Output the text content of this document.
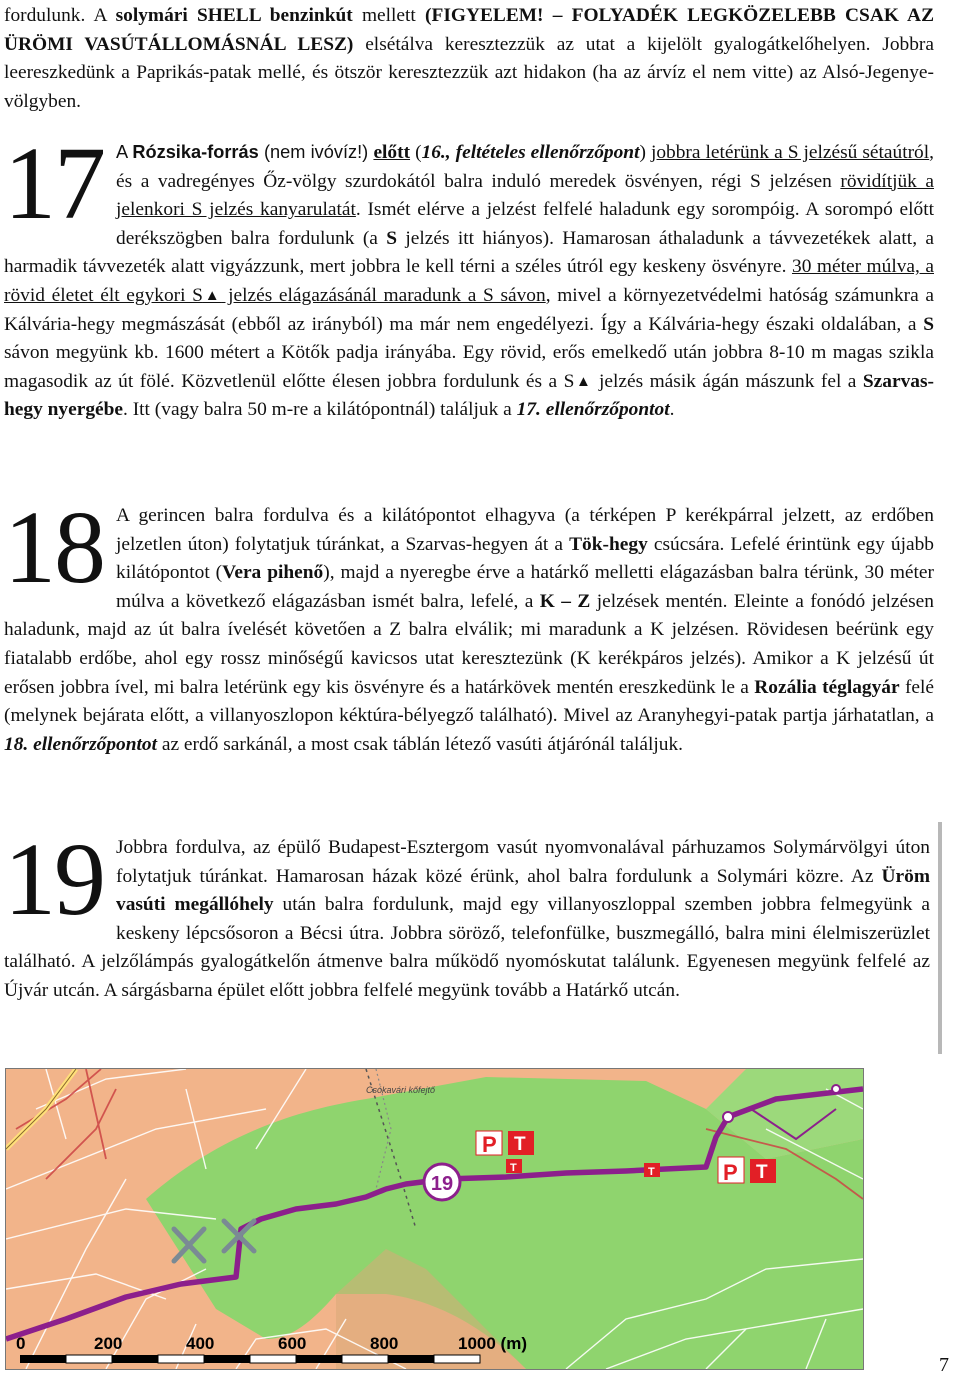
fordulunk. A solymári SHELL benzinkút mellett (FIGYELEM! – FOLYADÉK LEGKÖZELEBB CSAK AZ ÜRÖMI VASÚTÁLLOMÁSNÁL LESZ) elsétálva keresztezzük az utat a kijelölt gyalogátkelőhelyen. Jobbra leereszkedünk a Paprikás-patak mellé, és ötször keresztezzük azt hidakon (ha az árvíz el nem vitte) az Alsó-Jegenye-völgyben.

17 A Rózsika-forrás (nem ivóvíz!) előtt (16., feltételes ellenőrzőpont) jobbra letérünk a S jelzésű sétaútról, és a vadregényes Őz-völgy szurdokától balra induló meredek ösvényen, régi S jelzésen rövidítjük a jelenkori S jelzés kanyarulatát. Ismét elérve a jelzést felfelé haladunk egy sorompóig. A sorompó előtt derékszögben balra fordulunk (a S jelzés itt hiányos). Hamarosan áthaladunk a távvezetékek alatt, a harmadik távvezeték alatt vigyázzunk, mert jobbra le kell térni a széles útról egy keskeny ösvényre. 30 méter múlva, a rövid életet élt egykori S▲ jelzés elágazásánál maradunk a S sávon, mivel a környezetvédelmi hatóság számunkra a Kálvária-hegy megmászását (ebből az irányból) ma már nem engedélyezi. Így a Kálvária-hegy északi oldalában, a S sávon megyünk kb. 1600 métert a Kötők padja irányába. Egy rövid, erős emelkedő után jobbra 8-10 m magas szikla magasodik az út fölé. Közvetlenül előtte élesen jobbra fordulunk és a S▲ jelzés másik ágán mászunk fel a Szarvas-hegy nyergébe. Itt (vagy balra 50 m-re a kilátópontnál) találjuk a 17. ellenőrzőpontot.

18 A gerincen balra fordulva és a kilátópontot elhagyva (a térképen P kerékpárral jelzett, az erdőben jelzetlen úton) folytatjuk túránkat, a Szarvas-hegyen át a Tök-hegy csúcsára. Lefelé érintünk egy újabb kilátópontot (Vera pihenő), majd a nyeregbe érve a határkő melletti elágazásban balra térünk, 30 méter múlva a következő elágazásban ismét balra, lefelé, a K – Z jelzések mentén. Eleinte a fonódó jelzésen haladunk, majd az út balra ívelését követően a Z balra elválik; mi maradunk a K jelzésen. Rövidesen beérünk egy fiatalabb erdőbe, ahol egy rossz minőségű kavicsos utat keresztezünk (K kerékpáros jelzés). Amikor a K jelzésű út erősen jobbra ível, mi balra letérünk egy kis ösvényre és a határkövek mentén ereszkedünk le a Rozália téglagyár felé (melynek bejárata előtt, a villanyoszlopon kéktúra-bélyegző található). Mivel az Aranyhegyi-patak partja járhatatlan, a 18. ellenőrzőpontot az erdő sarkánál, a most csak táblán létező vasúti átjárónál találjuk.

19 Jobbra fordulva, az épülő Budapest-Esztergom vasút nyomvonalával párhuzamos Solymárvölgyi úton folytatjuk túránkat. Hamarosan házak közé érünk, ahol balra fordulunk a Solymári közre. Az Üröm vasúti megállóhely után balra fordulunk, majd egy villanyoszloppal szemben jobbra felmegyünk a keskeny lépcsősoron a Bécsi útra. Jobbra söröző, telefonfülke, buszmegálló, balra mini élelmiszerüzlet található. A jelzőlámpás gyalogátkelőn átmenve balra működő nyomóskutat találunk. Egyenesen megyünk felfelé az Újvár utcán. A sárgásbarna épület előtt jobbra felfelé megyünk tovább a Határkő utcán.

Csókavári kőfejtő
P T
T	T	P T
19
0	200	400	600	800	1000 (m)
7
